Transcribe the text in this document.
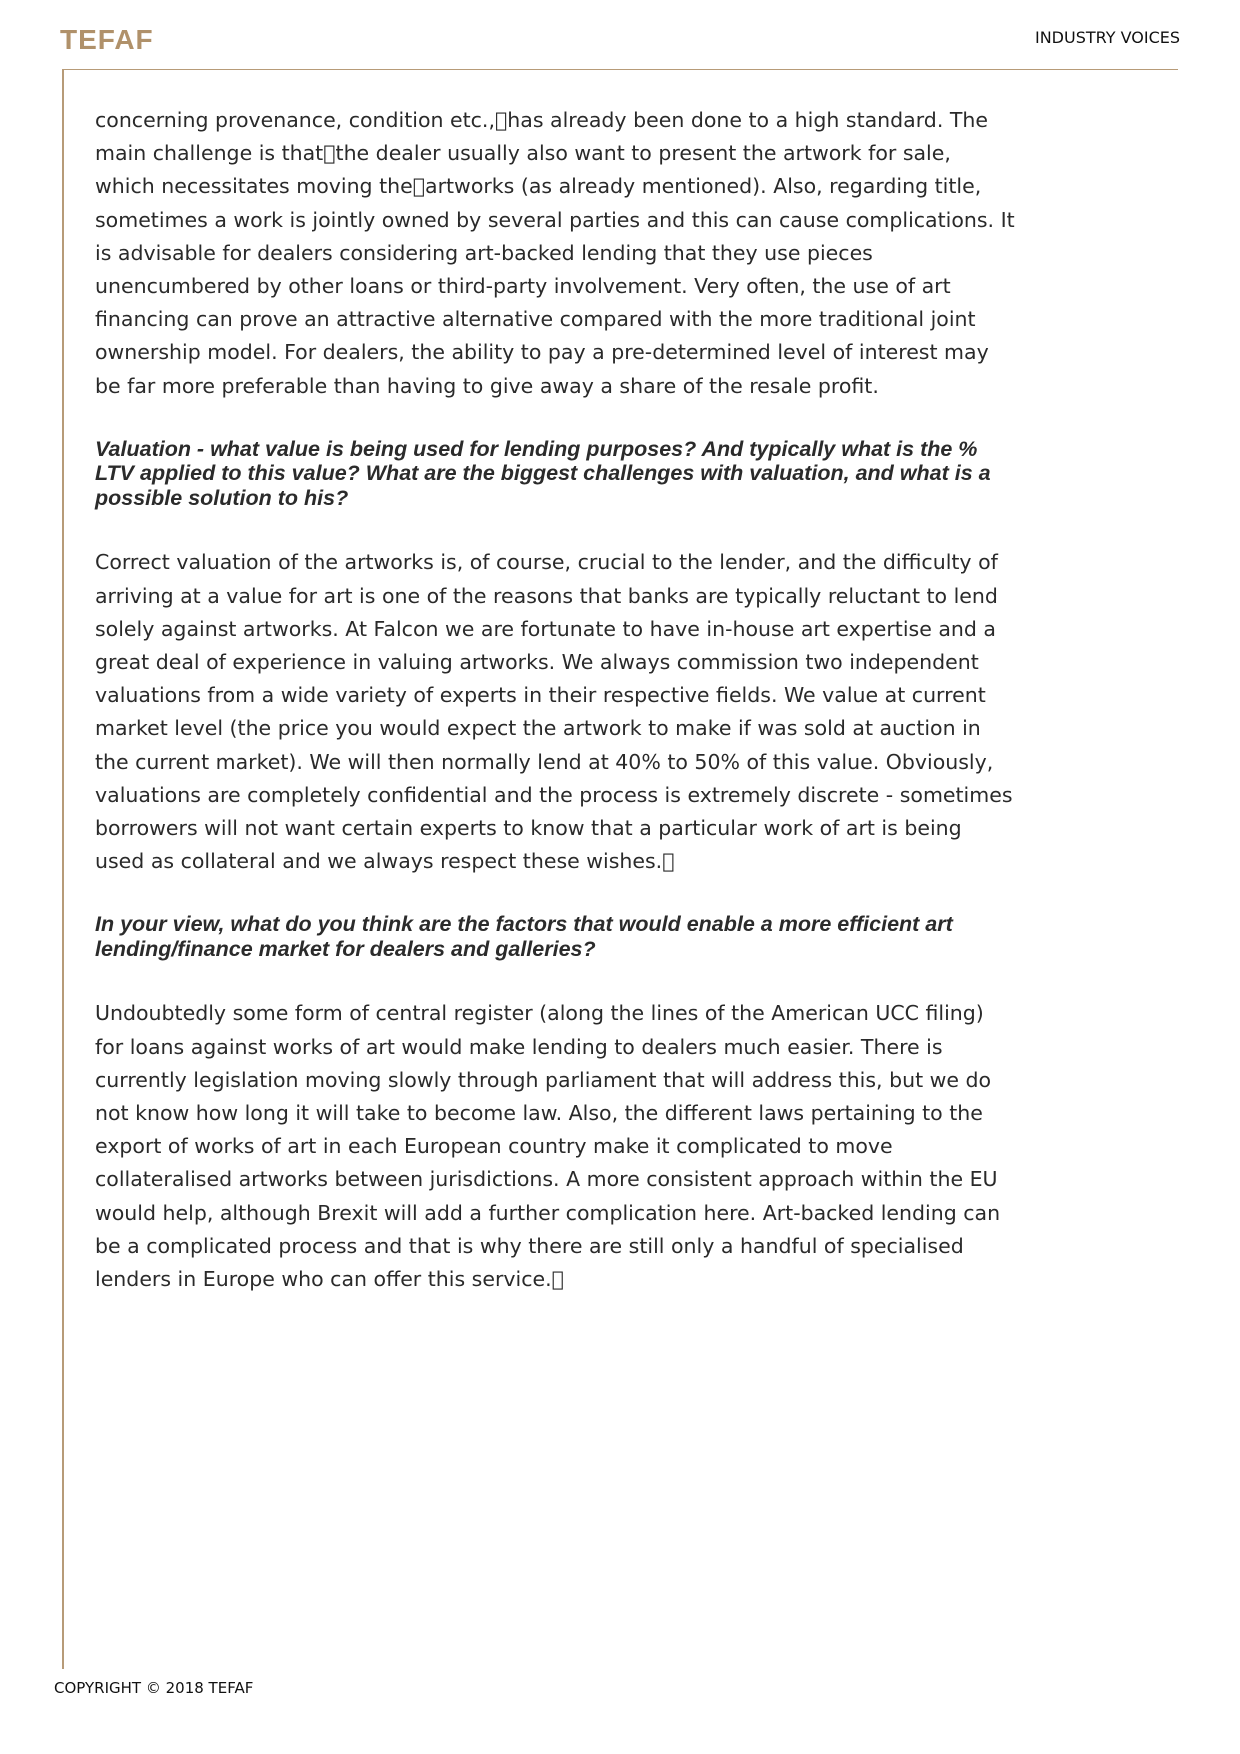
TEFAF	INDUSTRY VOICES

concerning provenance, condition etc., has already been done to a high standard. The main challenge is that the dealer usually also want to present the artwork for sale, which necessitates moving the artworks (as already mentioned). Also, regarding title, sometimes a work is jointly owned by several parties and this can cause complications. It is advisable for dealers considering art-backed lending that they use pieces unencumbered by other loans or third-party involvement. Very often, the use of art financing can prove an attractive alternative compared with the more traditional joint ownership model. For dealers, the ability to pay a pre-determined level of interest may be far more preferable than having to give away a share of the resale profit.

Valuation - what value is being used for lending purposes? And typically what is the % LTV applied to this value? What are the biggest challenges with valuation, and what is a possible solution to his?

Correct valuation of the artworks is, of course, crucial to the lender, and the difficulty of arriving at a value for art is one of the reasons that banks are typically reluctant to lend solely against artworks. At Falcon we are fortunate to have in-house art expertise and a great deal of experience in valuing artworks. We always commission two independent valuations from a wide variety of experts in their respective fields. We value at current market level (the price you would expect the artwork to make if was sold at auction in the current market). We will then normally lend at 40% to 50% of this value. Obviously, valuations are completely confidential and the process is extremely discrete - sometimes borrowers will not want certain experts to know that a particular work of art is being used as collateral and we always respect these wishes. 

In your view, what do you think are the factors that would enable a more efficient art lending/finance market for dealers and galleries?

Undoubtedly some form of central register (along the lines of the American UCC filing) for loans against works of art would make lending to dealers much easier. There is currently legislation moving slowly through parliament that will address this, but we do not know how long it will take to become law. Also, the different laws pertaining to the export of works of art in each European country make it complicated to move collateralised artworks between jurisdictions. A more consistent approach within the EU would help, although Brexit will add a further complication here. Art-backed lending can be a complicated process and that is why there are still only a handful of specialised lenders in Europe who can offer this service. 

COPYRIGHT © 2018 TEFAF
